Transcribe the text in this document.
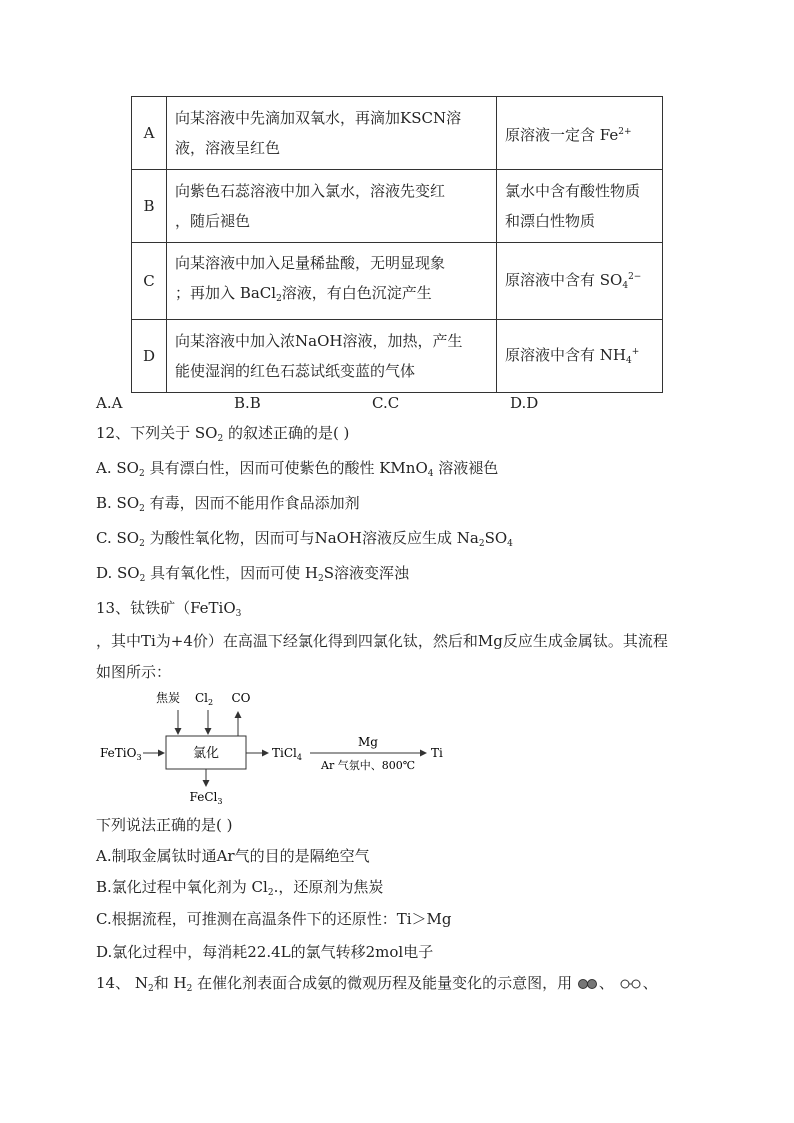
A	向某溶液中先滴加双氧水，再滴加KSCN溶
液，溶液呈红色	原溶液一定含 $Fe^{2+}$
B	向紫色石蕊溶液中加入氯水，溶液先变红
，随后褪色	氯水中含有酸性物质
和漂白性物质
C	向某溶液中加入足量稀盐酸，无明显现象
；再加入 BaCl$_2$溶液，有白色沉淀产生	原溶液中含有 $SO_4^{2-}$
D	向某溶液中加入浓NaOH溶液，加热，产生
能使湿润的红色石蕊试纸变蓝的气体	原溶液中含有 $NH_4^+$
A.A	B.B	C.C	D.D
12、下列关于 $SO_2$ 的叙述正确的是( )
A. $SO_2$ 具有漂白性，因而可使紫色的酸性 KMnO$_4$ 溶液褪色
B. $SO_2$ 有毒，因而不能用作食品添加剂
C. $SO_2$ 为酸性氧化物，因而可与NaOH溶液反应生成 $Na_2SO_4$
D. $SO_2$ 具有氧化性，因而可使 $H_2S$溶液变浑浊
13、钛铁矿（FeTiO$_3$
，其中Ti为+4价）在高温下经氯化得到四氯化钛，然后和Mg反应生成金属钛。其流程
如图所示：
焦炭 $Cl_2$ CO
氯化
FeTiO$_3$	TiCl$_4$
Mg
Ar 气氛中、800℃
Ti
FeCl$_3$
下列说法正确的是( )
A.制取金属钛时通Ar气的目的是隔绝空气
B.氯化过程中氧化剂为 $Cl_2$.，还原剂为焦炭
C.根据流程，可推测在高温条件下的还原性：Ti＞Mg
D.氯化过程中，每消耗22.4L的氯气转移2mol电子
14、 $N_2$和 $H_2$ 在催化剂表面合成氨的微观历程及能量变化的示意图，用 、 、
